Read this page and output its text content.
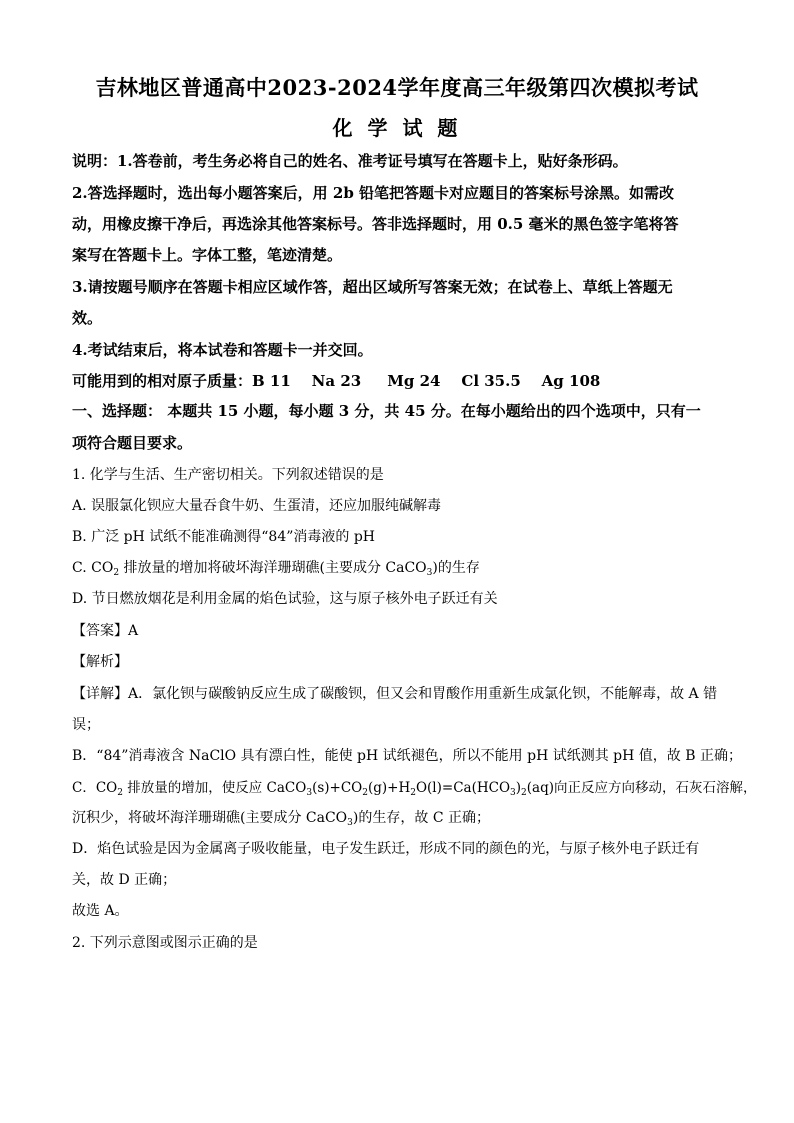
吉林地区普通高中2023-2024学年度高三年级第四次模拟考试
化 学 试 题
说明：1.答卷前，考生务必将自己的姓名、准考证号填写在答题卡上，贴好条形码。
2.答选择题时，选出每小题答案后，用 2b 铅笔把答题卡对应题目的答案标号涂黑。如需改
动，用橡皮擦干净后，再选涂其他答案标号。答非选择题时，用 0.5 毫米的黑色签字笔将答
案写在答题卡上。字体工整，笔迹清楚。
3.请按题号顺序在答题卡相应区域作答，超出区域所写答案无效；在试卷上、草纸上答题无
效。
4.考试结束后，将本试卷和答题卡一并交回。
可能用到的相对原子质量：B 11    Na 23     Mg 24    Cl 35.5    Ag 108
一、选择题： 本题共 15 小题，每小题 3 分，共 45 分。在每小题给出的四个选项中，只有一
项符合题目要求。
1. 化学与生活、生产密切相关。下列叙述错误的是
A. 误服氯化钡应大量吞食牛奶、生蛋清，还应加服纯碱解毒
B. 广泛 pH 试纸不能准确测得“84”消毒液的 pH
C. $CO_2$ 排放量的增加将破坏海洋珊瑚礁(主要成分 CaCO$_3$)的生存
D. 节日燃放烟花是利用金属的焰色试验，这与原子核外电子跃迁有关
【答案】A
【解析】
【详解】A．氯化钡与碳酸钠反应生成了碳酸钡，但又会和胃酸作用重新生成氯化钡，不能解毒，故 A 错
误；
B．“84”消毒液含 NaClO 具有漂白性，能使 pH 试纸褪色，所以不能用 pH 试纸测其 pH 值，故 B 正确；
C．$CO_2$ 排放量的增加，使反应 $CaCO_3(s)+CO_2(g)+H_2O(l)=Ca(HCO_3)_2(aq)$向正反应方向移动，石灰石溶解，
沉积少，将破坏海洋珊瑚礁(主要成分 CaCO$_3$)的生存，故 C 正确；
D．焰色试验是因为金属离子吸收能量，电子发生跃迁，形成不同的颜色的光，与原子核外电子跃迁有
关，故 D 正确；
故选 A。
2. 下列示意图或图示正确的是
